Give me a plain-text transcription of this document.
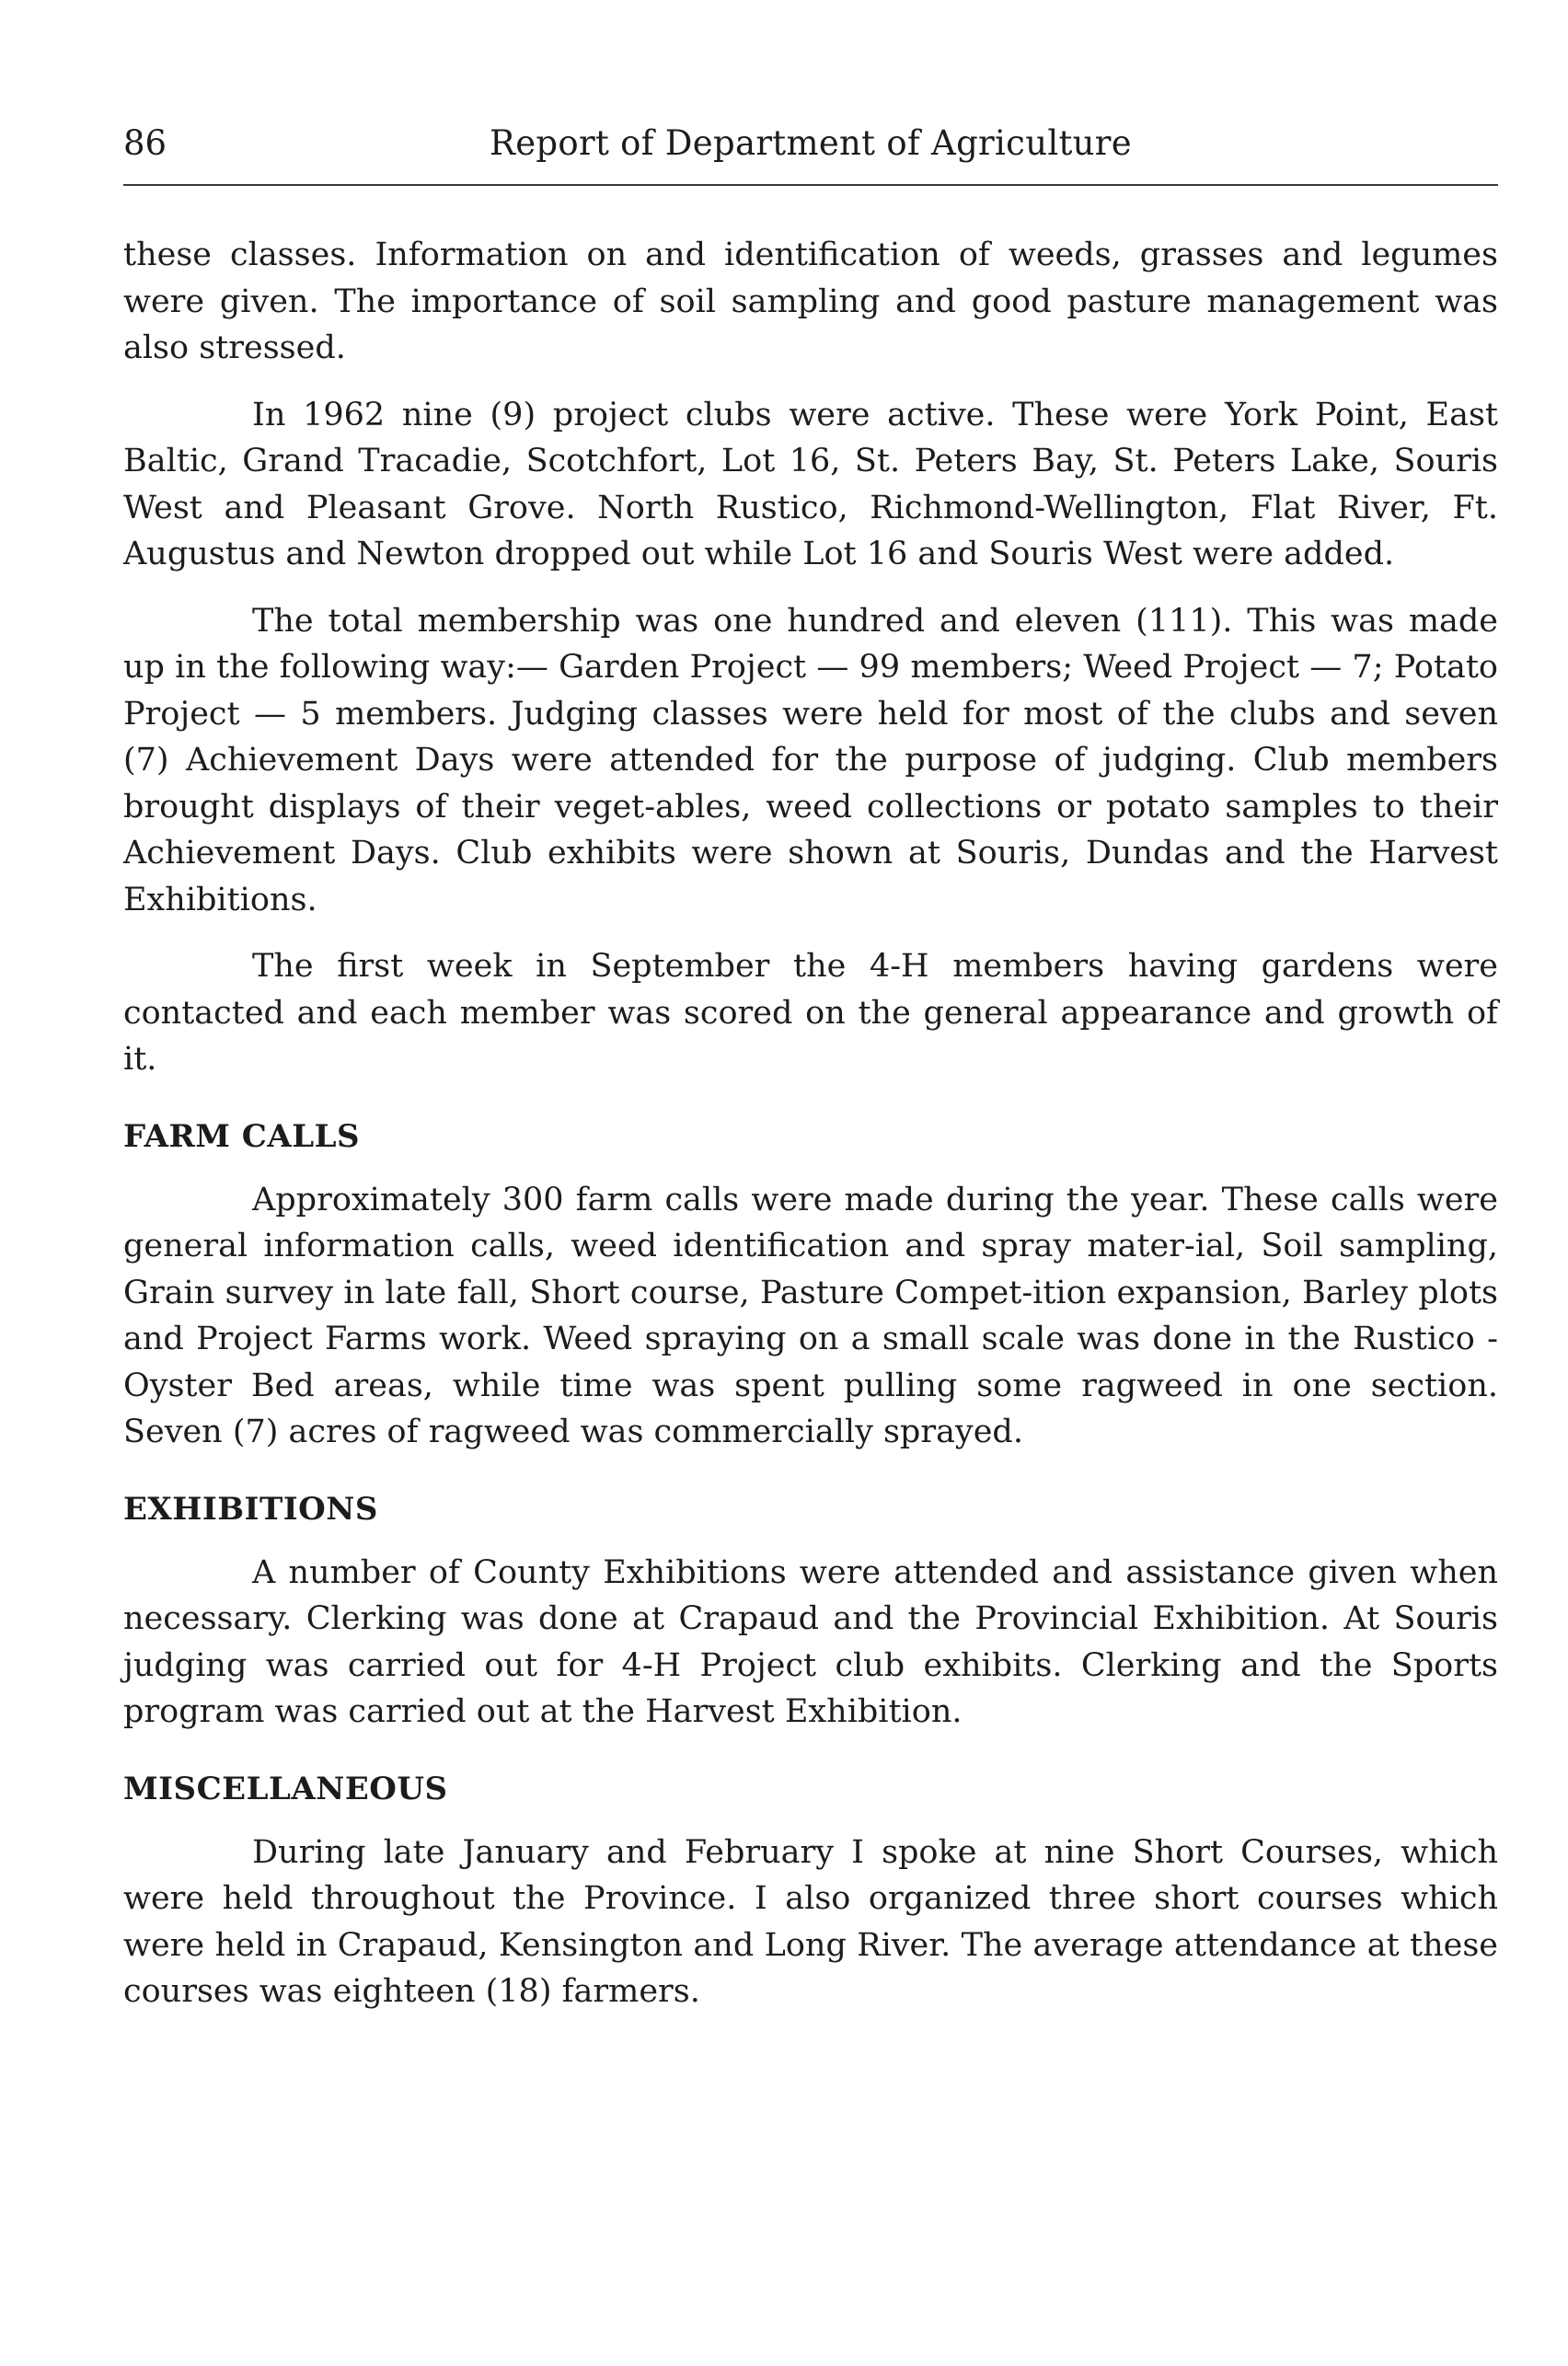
86	Report of Department of Agriculture

these classes. Information on and identification of weeds, grasses and legumes were given. The importance of soil sampling and good pasture management was also stressed.

In 1962 nine (9) project clubs were active. These were York Point, East Baltic, Grand Tracadie, Scotchfort, Lot 16, St. Peters Bay, St. Peters Lake, Souris West and Pleasant Grove. North Rustico, Richmond-Wellington, Flat River, Ft. Augustus and Newton dropped out while Lot 16 and Souris West were added.

The total membership was one hundred and eleven (111). This was made up in the following way:— Garden Project — 99 members; Weed Project — 7; Potato Project — 5 members. Judging classes were held for most of the clubs and seven (7) Achievement Days were attended for the purpose of judging. Club members brought displays of their veget-ables, weed collections or potato samples to their Achievement Days. Club exhibits were shown at Souris, Dundas and the Harvest Exhibitions.

The first week in September the 4-H members having gardens were contacted and each member was scored on the general appearance and growth of it.

FARM CALLS

Approximately 300 farm calls were made during the year. These calls were general information calls, weed identification and spray mater-ial, Soil sampling, Grain survey in late fall, Short course, Pasture Compet-ition expansion, Barley plots and Project Farms work. Weed spraying on a small scale was done in the Rustico - Oyster Bed areas, while time was spent pulling some ragweed in one section. Seven (7) acres of ragweed was commercially sprayed.

EXHIBITIONS

A number of County Exhibitions were attended and assistance given when necessary. Clerking was done at Crapaud and the Provincial Exhibition. At Souris judging was carried out for 4-H Project club exhibits. Clerking and the Sports program was carried out at the Harvest Exhibition.

MISCELLANEOUS

During late January and February I spoke at nine Short Courses, which were held throughout the Province. I also organized three short courses which were held in Crapaud, Kensington and Long River. The average attendance at these courses was eighteen (18) farmers.
